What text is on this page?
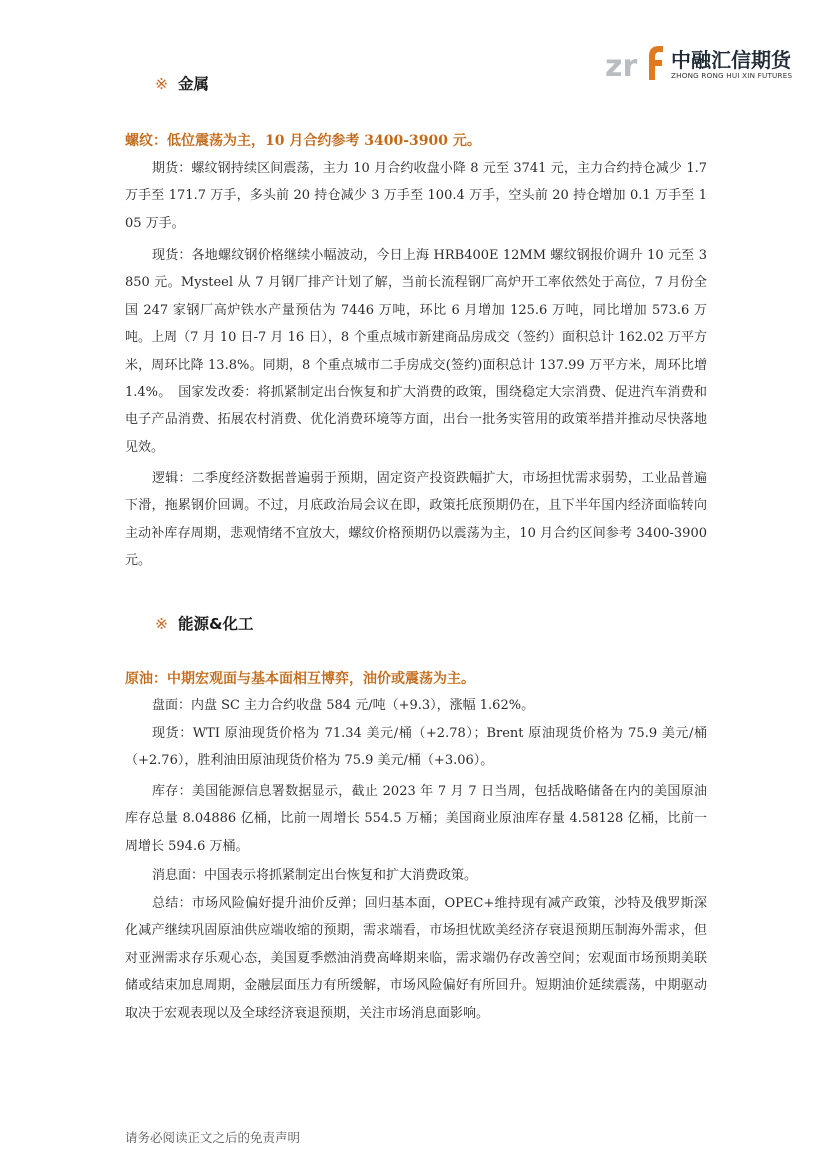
zr 中融汇信期货
ZHONG RONG HUI XIN FUTURES
※ 金属
螺纹：低位震荡为主，10 月合约参考 3400-3900 元。
期货：螺纹钢持续区间震荡，主力 10 月合约收盘小降 8 元至 3741 元，主力合约持仓减少 1.7 万手至 171.7 万手，多头前 20 持仓减少 3 万手至 100.4 万手，空头前 20 持仓增加 0.1 万手至 105 万手。
现货：各地螺纹钢价格继续小幅波动，今日上海 HRB400E 12MM 螺纹钢报价调升 10 元至 3850 元。Mysteel 从 7 月钢厂排产计划了解，当前长流程钢厂高炉开工率依然处于高位，7 月份全国 247 家钢厂高炉铁水产量预估为 7446 万吨，环比 6 月增加 125.6 万吨，同比增加 573.6 万吨。上周（7 月 10 日-7 月 16 日），8 个重点城市新建商品房成交（签约）面积总计 162.02 万平方米，周环比降 13.8%。同期，8 个重点城市二手房成交(签约)面积总计 137.99 万平方米，周环比增 1.4%。　国家发改委：将抓紧制定出台恢复和扩大消费的政策，围绕稳定大宗消费、促进汽车消费和电子产品消费、拓展农村消费、优化消费环境等方面，出台一批务实管用的政策举措并推动尽快落地见效。
逻辑：二季度经济数据普遍弱于预期，固定资产投资跌幅扩大，市场担忧需求弱势，工业品普遍下滑，拖累钢价回调。不过，月底政治局会议在即，政策托底预期仍在，且下半年国内经济面临转向主动补库存周期，悲观情绪不宜放大，螺纹价格预期仍以震荡为主，10 月合约区间参考 3400-3900 元。
※ 能源&化工
原油：中期宏观面与基本面相互博弈，油价或震荡为主。
盘面：内盘 SC 主力合约收盘 584 元/吨（+9.3），涨幅 1.62%。
现货：WTI 原油现货价格为 71.34 美元/桶（+2.78）；Brent 原油现货价格为 75.9 美元/桶（+2.76），胜利油田原油现货价格为 75.9 美元/桶（+3.06）。
库存：美国能源信息署数据显示，截止 2023 年 7 月 7 日当周，包括战略储备在内的美国原油库存总量 8.04886 亿桶，比前一周增长 554.5 万桶；美国商业原油库存量 4.58128 亿桶，比前一周增长 594.6 万桶。
消息面：中国表示将抓紧制定出台恢复和扩大消费政策。
总结：市场风险偏好提升油价反弹；回归基本面，OPEC+维持现有减产政策，沙特及俄罗斯深化减产继续巩固原油供应端收缩的预期，需求端看，市场担忧欧美经济存衰退预期压制海外需求，但对亚洲需求存乐观心态，美国夏季燃油消费高峰期来临，需求端仍存改善空间；宏观面市场预期美联储或结束加息周期，金融层面压力有所缓解，市场风险偏好有所回升。短期油价延续震荡，中期驱动取决于宏观表现以及全球经济衰退预期，关注市场消息面影响。
请务必阅读正文之后的免责声明
